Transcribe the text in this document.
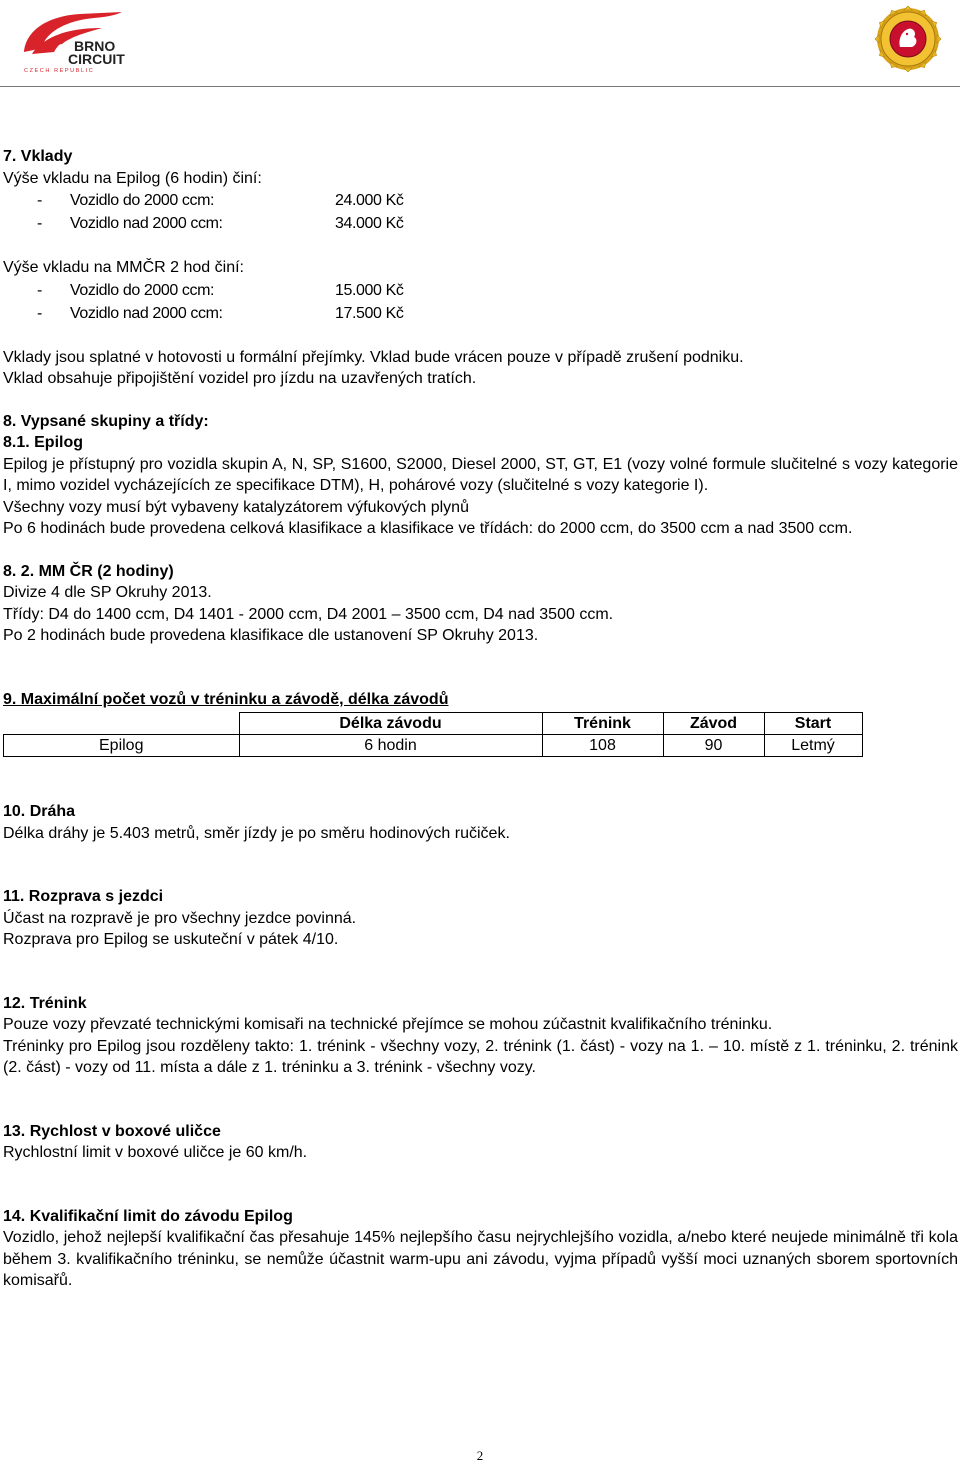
BRNO
CIRCUIT
CZECH REPUBLIC

7. Vklady

Výše vkladu na Epilog (6 hodin) činí:

- Vozidlo do 2000 ccm:	24.000 Kč
- Vozidlo nad 2000 ccm:	34.000 Kč

Výše vkladu na MMČR 2 hod činí:

- Vozidlo do 2000 ccm:	15.000 Kč
- Vozidlo nad 2000 ccm:	17.500 Kč

Vklady jsou splatné v hotovosti u formální přejímky. Vklad bude vrácen pouze v případě zrušení podniku.

Vklad obsahuje připojištění vozidel pro jízdu na uzavřených tratích.

8. Vypsané skupiny a třídy:

8.1. Epilog

Epilog je přístupný pro vozidla skupin A, N, SP, S1600, S2000, Diesel 2000, ST, GT, E1 (vozy volné formule slučitelné s vozy kategorie I, mimo vozidel vycházejících ze specifikace DTM), H, pohárové vozy (slučitelné s vozy kategorie I).

Všechny vozy musí být vybaveny katalyzátorem výfukových plynů

Po 6 hodinách bude provedena celková klasifikace a klasifikace ve třídách: do 2000 ccm, do 3500 ccm a nad 3500 ccm.

8. 2. MM ČR (2 hodiny)

Divize 4 dle SP Okruhy 2013.

Třídy: D4 do 1400 ccm, D4 1401 - 2000 ccm, D4 2001 – 3500 ccm, D4 nad 3500 ccm.

Po 2 hodinách bude provedena klasifikace dle ustanovení SP Okruhy 2013.

9. Maximální počet vozů v tréninku a závodě, délka závodů

	Délka závodu	Trénink	Závod	Start
Epilog	6 hodin	108	90	Letmý

10. Dráha

Délka dráhy je 5.403 metrů, směr jízdy je po směru hodinových ručiček.

11. Rozprava s jezdci

Účast na rozpravě je pro všechny jezdce povinná.

Rozprava pro Epilog se uskuteční v pátek 4/10.

12. Trénink

Pouze vozy převzaté technickými komisaři na technické přejímce se mohou zúčastnit kvalifikačního tréninku.

Tréninky pro Epilog jsou rozděleny takto: 1. trénink - všechny vozy, 2. trénink (1. část) - vozy na 1. – 10. místě z 1. tréninku, 2. trénink (2. část) - vozy od 11. místa a dále z 1. tréninku a 3. trénink - všechny vozy.

13. Rychlost v boxové uličce

Rychlostní limit v boxové uličce je 60 km/h.

14. Kvalifikační limit do závodu Epilog

Vozidlo, jehož nejlepší kvalifikační čas přesahuje 145% nejlepšího času nejrychlejšího vozidla, a/nebo které neujede minimálně tři kola během 3. kvalifikačního tréninku, se nemůže účastnit warm-upu ani závodu, vyjma případů vyšší moci uznaných sborem sportovních komisařů.

2
